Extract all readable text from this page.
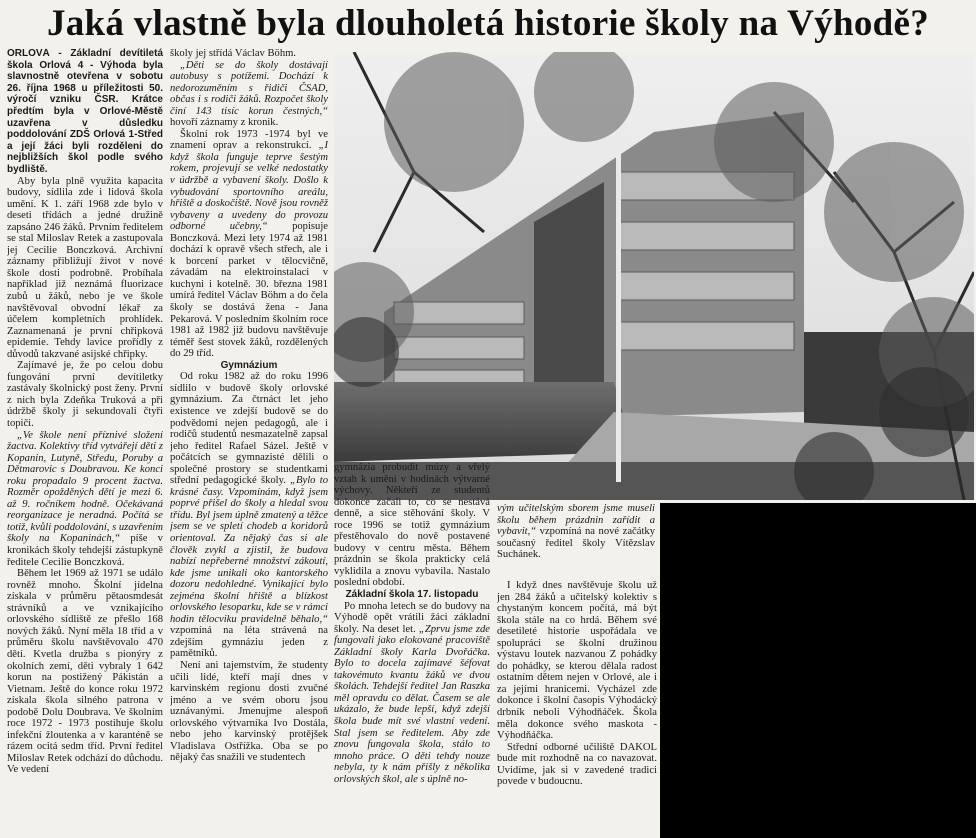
Jaká vlastně byla dlouholetá historie školy na Výhodě?

ORLOVÁ - Základní devítiletá škola Orlová 4 - Výhoda byla slavnostně otevřena v sobotu 26. října 1968 u příležitosti 50. výročí vzniku ČSR. Krátce předtím byla v Orlové-Městě uzavřena v důsledku poddolování ZDŠ Orlová 1-Střed a její žáci byli rozděleni do nejbližších škol podle svého bydliště.

Aby byla plně využita kapacita budovy, sídlila zde i lidová škola umění. K 1. září 1968 zde bylo v deseti třídách a jedné družině zapsáno 246 žáků. Prvním ředitelem se stal Miloslav Retek a zastupovala jej Cecilie Bonczková. Archivní záznamy přibližují život v nové škole dosti podrobně. Probíhala například již neznámá fluorizace zubů u žáků, nebo je ve škole navštěvoval obvodní lékař za účelem kompletních prohlídek. Zaznamenaná je první chřipková epidemie. Tehdy lavice prořídly z důvodů takzvané asijské chřipky.

Zajímavé je, že po celou dobu fungování první devítiletky zastávaly školnický post ženy. První z nich byla Zdeňka Truková a při údržbě školy ji sekundovali čtyři topiči.

„Ve škole není příznivé složení žactva. Kolektivy tříd vytvářejí děti z Kopanin, Lutyně, Středu, Poruby a Dětmarovic s Doubravou. Ke konci roku propadalo 9 procent žactva. Rozměr opožděných dětí je mezi 6. až 9. ročníkem hodně. Očekávaná reorganizace je neradná. Počítá se totiž, kvůli poddolování, s uzavřením školy na Kopaninách,“ píše v kronikách školy tehdejší zástupkyně ředitele Cecilie Bonczková.

Během let 1969 až 1971 se událo rovněž mnoho. Školní jídelna získala v průměru pětaosmdesát strávníků a ve vznikajícího orlovského sídliště ze přešlo 168 nových žáků. Nyní měla 18 tříd a v průměru školu navštěvovalo 470 dětí. Kvetla družba s pionýry z okolních zemí, děti vybraly 1 642 korun na postižený Pákistán a Vietnam. Ještě do konce roku 1972 získala škola silného patrona v podobě Dolu Doubrava. Ve školním roce 1972 - 1973 postihuje školu infekční žloutenka a v karanténě se rázem ocitá sedm tříd. První ředitel Miloslav Retek odchází do důchodu. Ve vedení

školy jej střídá Václav Böhm.

„Děti se do školy dostávají autobusy s potížemi. Dochází k nedorozuměním s řidiči ČSAD, občas i s rodiči žáků. Rozpočet školy činí 143 tisíc korun čestných,“ hovoří záznamy z kronik.

Školní rok 1973 -1974 byl ve znamení oprav a rekonstrukcí. „I když škola funguje teprve šestým rokem, projevují se velké nedostatky v údržbě a vybavení školy. Došlo k vybudování sportovního areálu, hřiště a doskočiště. Nově jsou rovněž vybaveny a uvedeny do provozu odborné učebny,“ popisuje Bonczková. Mezi lety 1974 až 1981 dochází k opravě všech střech, ale i k borcení parket v tělocvičně, závadám na elektroinstalaci v kuchyni i kotelně. 30. března 1981 umírá ředitel Václav Böhm a do čela školy se dostává žena - Jana Pekarová. V posledním školním roce 1981 až 1982 již budovu navštěvuje téměř šest stovek žáků, rozdělených do 29 tříd.

Gymnázium

Od roku 1982 až do roku 1996 sídlilo v budově školy orlovské gymnázium. Za čtrnáct let jeho existence ve zdejší budově se do podvědomí nejen pedagogů, ale i rodičů studentů nesmazatelně zapsal jeho ředitel Rafael Sázel. Ještě v počátcích se gymnazisté dělili o společné prostory se studentkami střední pedagogické školy. „Bylo to krásné časy. Vzpomínám, když jsem poprvé přišel do školy a hledal svou třídu. Byl jsem úplně zmatený a těžce jsem se ve spletí chodeb a koridorů orientoval. Za nějaký čas si ale člověk zvykl a zjistil, že budova nabízí nepřeberné množství zákoutí, kde jsme unikali oko kantorského dozoru nedohledné. Vynikající bylo zejména školní hřiště a blízkost orlovského lesoparku, kde se v rámci hodin tělocviku pravidelně běhalo,“ vzpomíná na léta strávená na zdejším gymnáziu jeden z pamětníků.

Není ani tajemstvím, že studenty učili lidé, kteří mají dnes v karvinském regionu dosti zvučné jméno a ve svém oboru jsou uznávanými. Jmenujme alespoň orlovského výtvarníka Ivo Dostála, nebo jeho karvinský protějšek Vladislava Ostřížka. Oba se po nějaký čas snažili ve studentech

gymnázia probudit múzy a vřelý vztah k umění v hodinách výtvarné výchovy. Někteří ze studentů dokonce začali to, co se nestává denně, a sice stěhování školy. V roce 1996 se totiž gymnázium přestěhovalo do nově postavené budovy v centru města. Během prázdnin se škola prakticky celá vyklidila a znovu vybavila. Nastalo poslední období.

Základní škola 17. listopadu

Po mnoha letech se do budovy na Výhodě opět vrátili žáci základní školy. Na deset let. „Zprvu jsme zde fungovali jako elokované pracoviště Základní školy Karla Dvořáčka. Bylo to docela zajímavé šéfovat takovémuto kvantu žáků ve dvou školách. Tehdejší ředitel Jan Raszka měl opravdu co dělat. Časem se ale ukázalo, že bude lepší, když zdejší škola bude mít své vlastní vedení. Stal jsem se ředitelem. Aby zde znovu fungovala škola, stálo to mnoho práce. O děti tehdy nouze nebyla, ty k nám přišly z několika orlovských škol, ale s úplně no-

vým učitelským sborem jsme museli školu během prázdnin zařídit a vybavit,“ vzpomíná na nové začátky současný ředitel školy Vítězslav Suchánek.

I když dnes navštěvuje školu už jen 284 žáků a učitelský kolektiv s chystaným koncem počítá, má být škola stále na co hrdá. Během své desetileté historie uspořádala ve spolupráci se školní družinou výstavu loutek nazvanou Z pohádky do pohádky, se kterou dělala radost ostatním dětem nejen v Orlové, ale i za jejími hranicemi. Vycházel zde dokonce i školní časopis Výhodácký drbník neboli Výhodňáček. Škola měla dokonce svého maskota - Výhodňáčka.

Střední odborné učiliště DAKOL bude mít rozhodně na co navazovat. Uvidíme, jak si v zavedené tradici povede v budoucnu.
